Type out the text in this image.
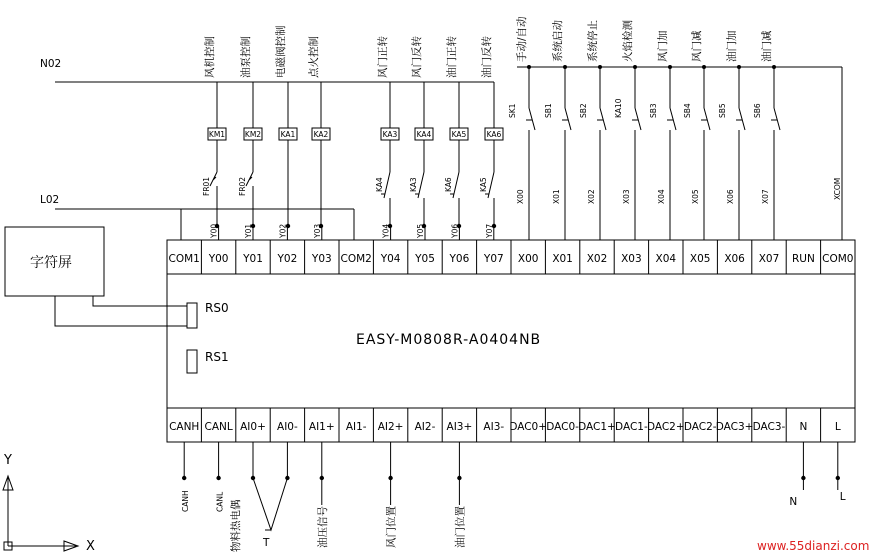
COM1
CANH
Y00
CANL
Y01
AI0+
Y02
AI0-
Y03
AI1+
COM2
AI1-
Y04
AI2+
Y05
AI2-
Y06
AI3+
Y07
AI3-
X00
DAC0+
X01
DAC0-
X02
DAC1+
X03
DAC1-
X04
DAC2+
X05
DAC2-
X06
DAC3+
X07
DAC3-
RUN
N
COM0
L
KM1
风机控制
FR01
Y00
KM2
油泵控制
FR02
Y01
KA1
电磁阀控制
Y02
KA2
点火控制
Y03
KA3
风门正转
KA4
Y04
KA4
风门反转
KA3
Y05
KA5
油门正转
KA6
Y06
KA6
油门反转
KA5
Y07
手动/自动
SK1
X00
系统启动
SB1
X01
系统停止
SB2
X02
火焰检测
KA10
X03
风门加
SB3
X04
风门减
SB4
X05
油门加
SB5
X06
油门减
SB6
X07	XCOM
CANH	CANL	N	L
物料热电偶 T	油压信号	风门位置	油门位置
N02
L02
字符屏
RS0
RS1
EASY-M0808R-A0404NB
Y
X	www.55dianzi.com
